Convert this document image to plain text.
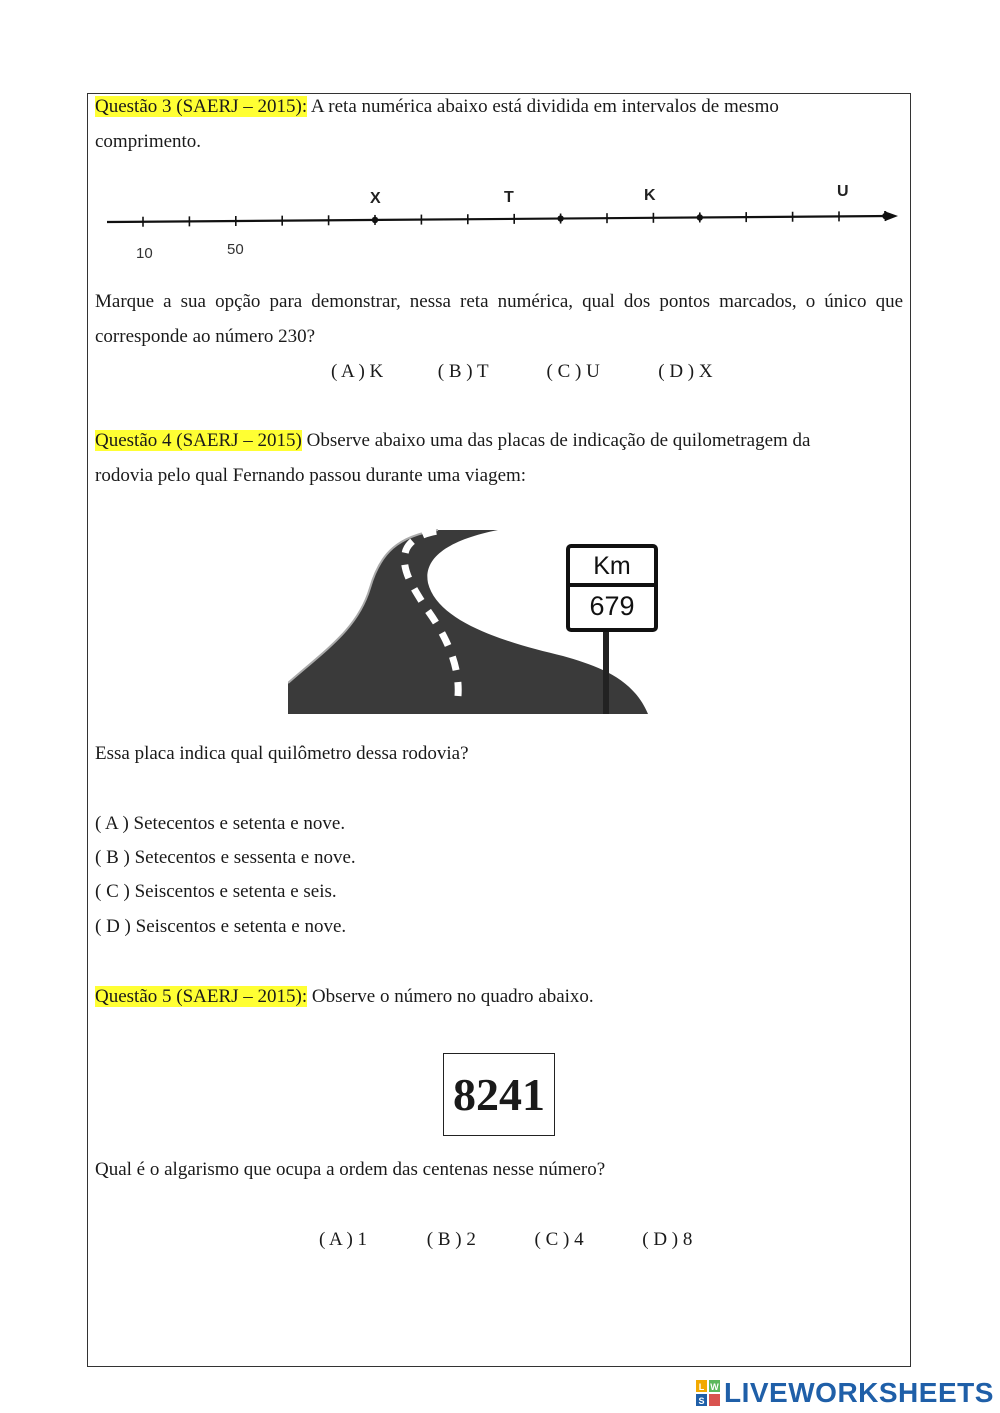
Questão 3 (SAERJ – 2015): A reta numérica abaixo está dividida em intervalos de mesmo
comprimento.
10	50
X	T	K	U
Marque a sua opção para demonstrar, nessa reta numérica, qual dos pontos marcados, o único que
corresponde ao número 230?
( A ) K	( B ) T	( C ) U	( D ) X
Questão 4 (SAERJ – 2015) Observe abaixo uma das placas de indicação de quilometragem da
rodovia pelo qual Fernando passou durante uma viagem:
Km
679
Essa placa indica qual quilômetro dessa rodovia?
( A ) Setecentos e setenta e nove.
( B ) Setecentos e sessenta e nove.
( C ) Seiscentos e setenta e seis.
( D ) Seiscentos e setenta e nove.
Questão 5 (SAERJ – 2015): Observe o número no quadro abaixo.
8241
Qual é o algarismo que ocupa a ordem das centenas nesse número?
( A ) 1	( B ) 2	( C ) 4	( D ) 8
L W
S LIVEWORKSHEETS
